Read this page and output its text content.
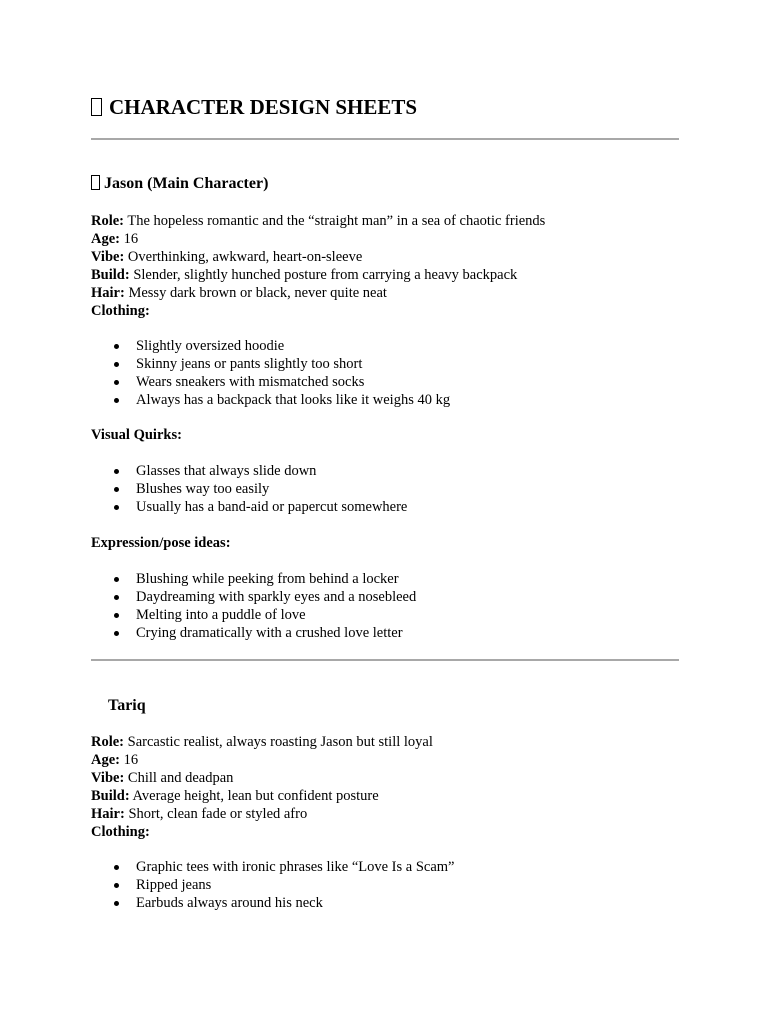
CHARACTER DESIGN SHEETS
Jason (Main Character)
Role: The hopeless romantic and the “straight man” in a sea of chaotic friends
Age: 16
Vibe: Overthinking, awkward, heart-on-sleeve
Build: Slender, slightly hunched posture from carrying a heavy backpack
Hair: Messy dark brown or black, never quite neat
Clothing:
Slightly oversized hoodie
Skinny jeans or pants slightly too short
Wears sneakers with mismatched socks
Always has a backpack that looks like it weighs 40 kg
Visual Quirks:
Glasses that always slide down
Blushes way too easily
Usually has a band-aid or papercut somewhere
Expression/pose ideas:
Blushing while peeking from behind a locker
Daydreaming with sparkly eyes and a nosebleed
Melting into a puddle of love
Crying dramatically with a crushed love letter
Tariq
Role: Sarcastic realist, always roasting Jason but still loyal
Age: 16
Vibe: Chill and deadpan
Build: Average height, lean but confident posture
Hair: Short, clean fade or styled afro
Clothing:
Graphic tees with ironic phrases like “Love Is a Scam”
Ripped jeans
Earbuds always around his neck
